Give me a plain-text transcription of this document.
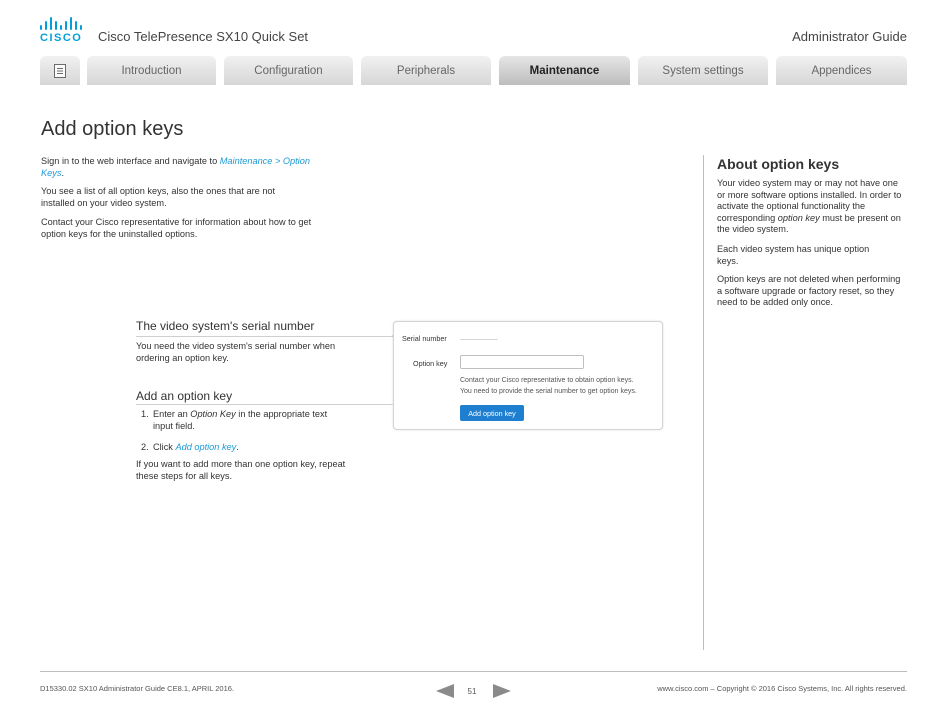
CISCO Cisco TelePresence SX10 Quick Set	Administrator Guide
Introduction	Configuration	Peripherals	Maintenance	System settings	Appendices
Add option keys

Sign in to the web interface and navigate to Maintenance > Option Keys.

You see a list of all option keys, also the ones that are not installed on your video system.

Contact your Cisco representative for information about how to get option keys for the uninstalled options.

The video system's serial number

You need the video system's serial number when ordering an option key.

Add an option key
1. Enter an Option Key in the appropriate text input field.

2. Click Add option key.

If you want to add more than one option key, repeat these steps for all keys.

Serial number ...................
Option key
Contact your Cisco representative to obtain option keys.
You need to provide the serial number to get option keys.
Add option key
About option keys

Your video system may or may not have one or more software options installed. In order to activate the optional functionality the corresponding option key must be present on the video system.

Each video system has unique option keys.

Option keys are not deleted when performing a software upgrade or factory reset, so they need to be added only once.

D15330.02 SX10 Administrator Guide CE8.1, APRIL 2016.	51	www.cisco.com – Copyright © 2016 Cisco Systems, Inc. All rights reserved.
